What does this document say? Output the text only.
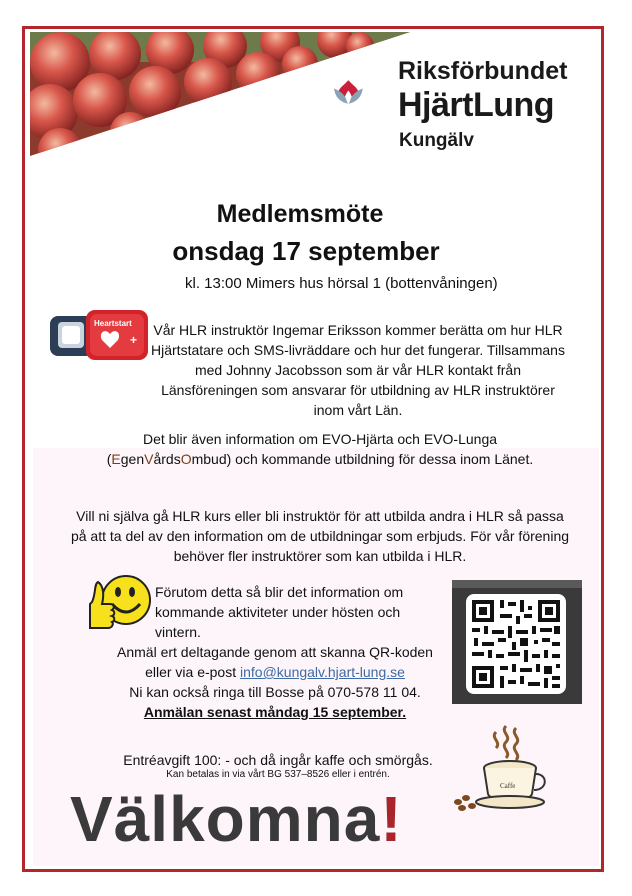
Riksförbundet
HjärtLung
Kungälv
Medlemsmöte
onsdag 17 september
kl. 13:00 Mimers hus hörsal 1 (bottenvåningen)
Heartstart
+
Vår HLR instruktör Ingemar Eriksson kommer berätta om hur HLR Hjärtstatare och SMS-livräddare och hur det fungerar. Tillsammans med Johnny Jacobsson som är vår HLR kontakt från Länsföreningen som ansvarar för utbildning av HLR instruktörer inom vårt Län.
Det blir även information om EVO-Hjärta och EVO-Lunga
(EgenVårdsOmbud) och kommande utbildning för dessa inom Länet.
Vill ni själva gå HLR kurs eller bli instruktör för att utbilda andra i HLR så passa på att ta del av den information om de utbildningar som erbjuds. För vår förening behöver fler instruktörer som kan utbilda i HLR.
Förutom detta så blir det information om kommande aktiviteter under hösten och vintern.
Anmäl ert deltagande genom att skanna QR-koden
eller via e-post info@kungalv.hjart-lung.se
Ni kan också ringa till Bosse på 070-578 11 04.
Anmälan senast måndag 15 september.
Entréavgift 100: - och då ingår kaffe och smörgås.
Kan betalas in via vårt BG 537–8526 eller i entrén.
Caffe
Välkomna!
